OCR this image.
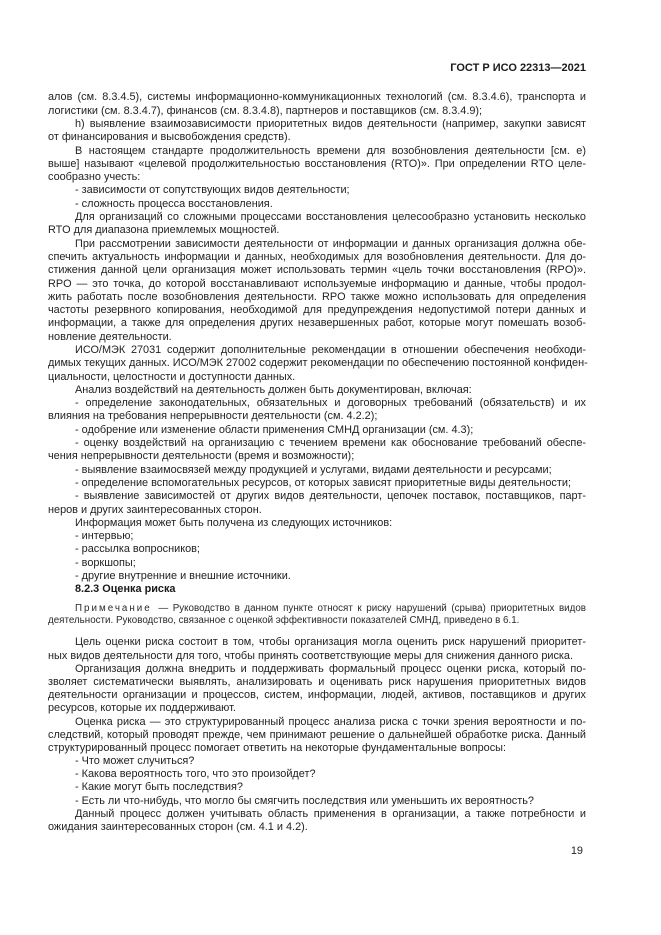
ГОСТ Р ИСО 22313—2021
алов (см. 8.3.4.5), системы информационно-коммуникационных технологий (см. 8.3.4.6), транспорта и
логистики (см. 8.3.4.7), финансов (см. 8.3.4.8), партнеров и поставщиков (см. 8.3.4.9);
h) выявление взаимозависимости приоритетных видов деятельности (например, закупки зависят
от финансирования и высвобождения средств).
В настоящем стандарте продолжительность времени для возобновления деятельности [см. е)
выше] называют «целевой продолжительностью восстановления (RTO)». При определении RTO целе-
сообразно учесть:
- зависимости от сопутствующих видов деятельности;
- сложность процесса восстановления.
Для организаций со сложными процессами восстановления целесообразно установить несколько
RTO для диапазона приемлемых мощностей.
При рассмотрении зависимости деятельности от информации и данных организация должна обе-
спечить актуальность информации и данных, необходимых для возобновления деятельности. Для до-
стижения данной цели организация может использовать термин «цель точки восстановления (RPO)».
RPO — это точка, до которой восстанавливают используемые информацию и данные, чтобы продол-
жить работать после возобновления деятельности. RPO также можно использовать для определения
частоты резервного копирования, необходимой для предупреждения недопустимой потери данных и
информации, а также для определения других незавершенных работ, которые могут помешать возоб-
новление деятельности.
ИСО/МЭК 27031 содержит дополнительные рекомендации в отношении обеспечения необходи-
димых текущих данных. ИСО/МЭК 27002 содержит рекомендации по обеспечению постоянной конфиден-
циальности, целостности и доступности данных.
Анализ воздействий на деятельность должен быть документирован, включая:
- определение законодательных, обязательных и договорных требований (обязательств) и их
влияния на требования непрерывности деятельности (см. 4.2.2);
- одобрение или изменение области применения СМНД организации (см. 4.3);
- оценку воздействий на организацию с течением времени как обоснование требований обеспе-
чения непрерывности деятельности (время и возможности);
- выявление взаимосвязей между продукцией и услугами, видами деятельности и ресурсами;
- определение вспомогательных ресурсов, от которых зависят приоритетные виды деятельности;
- выявление зависимостей от других видов деятельности, цепочек поставок, поставщиков, парт-
неров и других заинтересованных сторон.
Информация может быть получена из следующих источников:
- интервью;
- рассылка вопросников;
- воркшопы;
- другие внутренние и внешние источники.
8.2.3 Оценка риска
Примечание — Руководство в данном пункте относят к риску нарушений (срыва) приоритетных видов
деятельности. Руководство, связанное с оценкой эффективности показателей СМНД, приведено в 6.1.
Цель оценки риска состоит в том, чтобы организация могла оценить риск нарушений приоритет-
ных видов деятельности для того, чтобы принять соответствующие меры для снижения данного риска.
Организация должна внедрить и поддерживать формальный процесс оценки риска, который по-
зволяет систематически выявлять, анализировать и оценивать риск нарушения приоритетных видов
деятельности организации и процессов, систем, информации, людей, активов, поставщиков и других
ресурсов, которые их поддерживают.
Оценка риска — это структурированный процесс анализа риска с точки зрения вероятности и по-
следствий, который проводят прежде, чем принимают решение о дальнейшей обработке риска. Данный
структурированный процесс помогает ответить на некоторые фундаментальные вопросы:
- Что может случиться?
- Какова вероятность того, что это произойдет?
- Какие могут быть последствия?
- Есть ли что-нибудь, что могло бы смягчить последствия или уменьшить их вероятность?
Данный процесс должен учитывать область применения в организации, а также потребности и
ожидания заинтересованных сторон (см. 4.1 и 4.2).
19
